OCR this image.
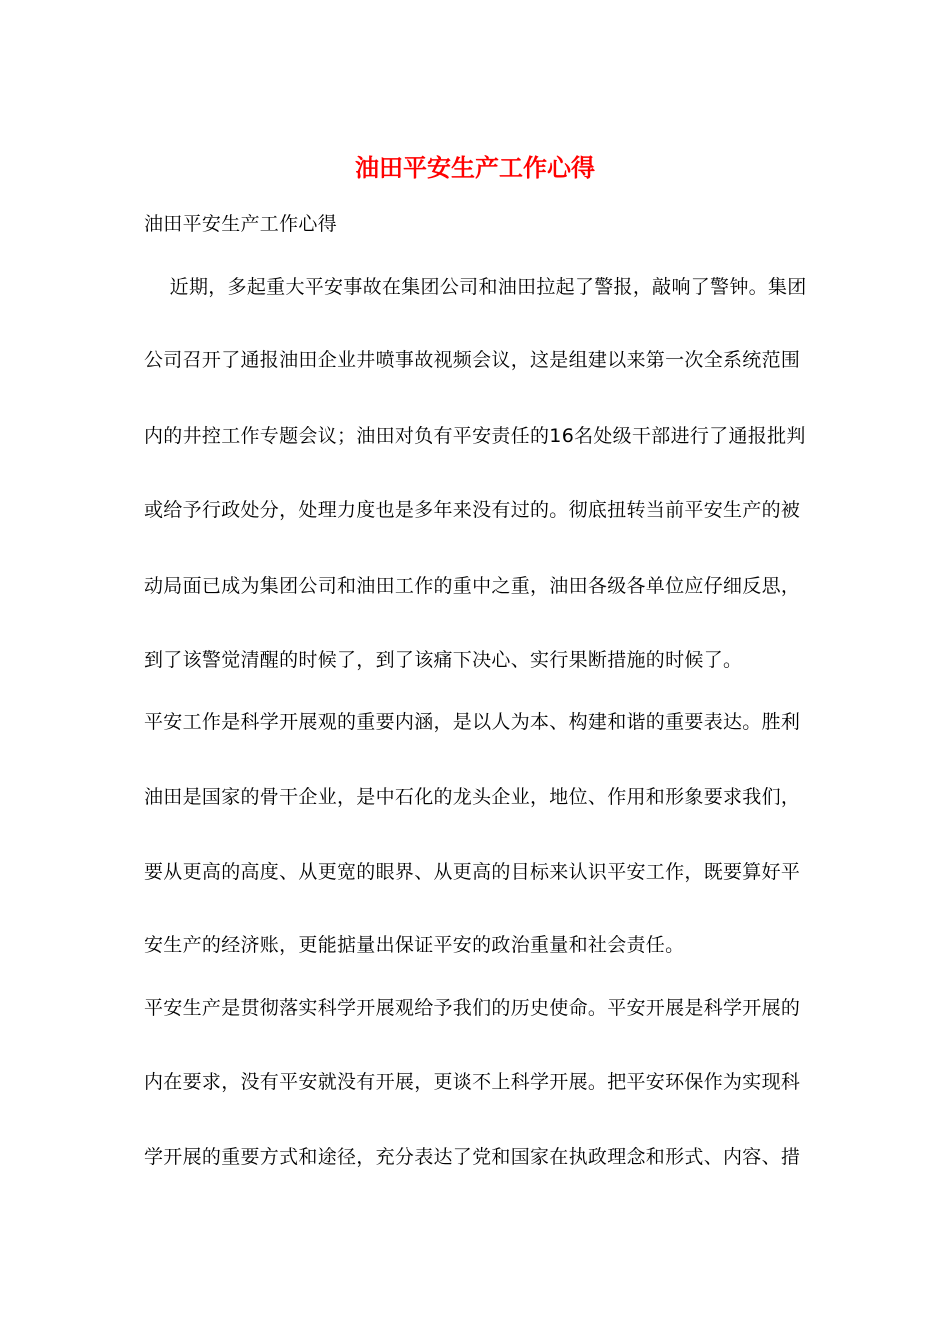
油田平安生产工作心得
油田平安生产工作心得
　 近期，多起重大平安事故在集团公司和油田拉起了警报，敲响了警钟。集团
公司召开了通报油田企业井喷事故视频会议，这是组建以来第一次全系统范围
内的井控工作专题会议；油田对负有平安责任的16名处级干部进行了通报批判
或给予行政处分，处理力度也是多年来没有过的。彻底扭转当前平安生产的被
动局面已成为集团公司和油田工作的重中之重，油田各级各单位应仔细反思，
到了该警觉清醒的时候了，到了该痛下决心、实行果断措施的时候了。
平安工作是科学开展观的重要内涵，是以人为本、构建和谐的重要表达。胜利
油田是国家的骨干企业，是中石化的龙头企业，地位、作用和形象要求我们，
要从更高的高度、从更宽的眼界、从更高的目标来认识平安工作，既要算好平
安生产的经济账，更能掂量出保证平安的政治重量和社会责任。
平安生产是贯彻落实科学开展观给予我们的历史使命。平安开展是科学开展的
内在要求，没有平安就没有开展，更谈不上科学开展。把平安环保作为实现科
学开展的重要方式和途径，充分表达了党和国家在执政理念和形式、内容、措
